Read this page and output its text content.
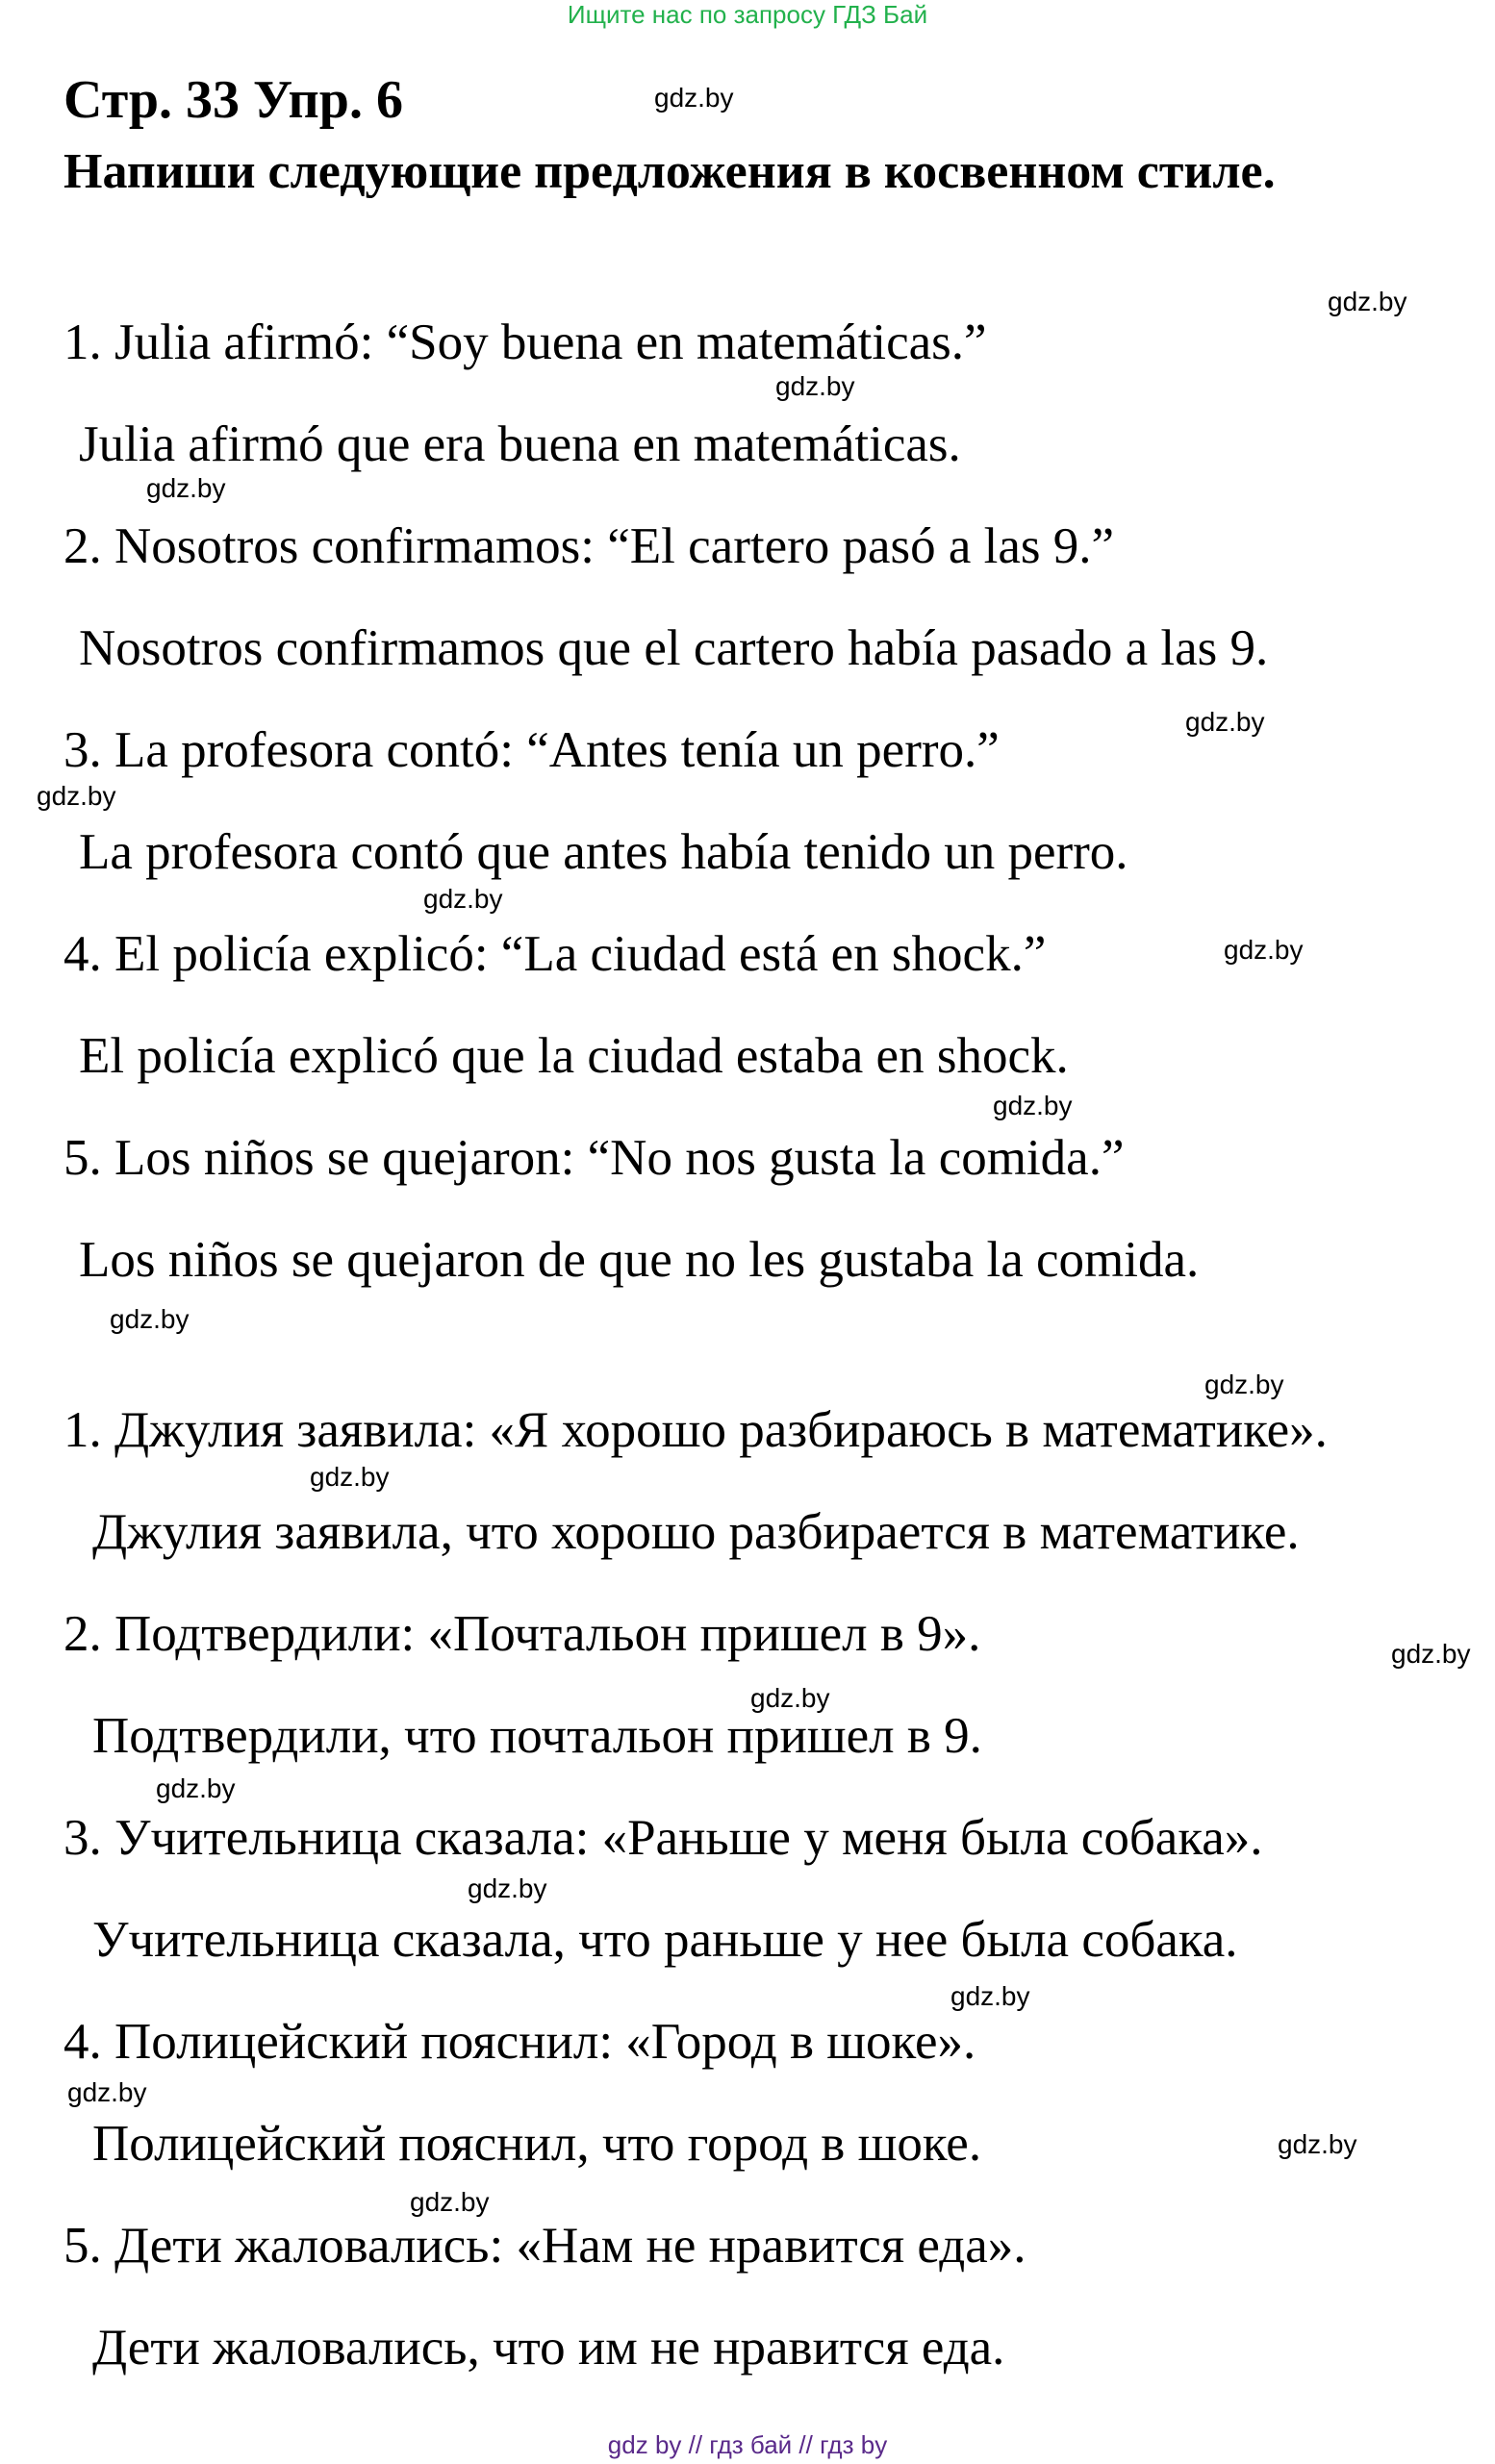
Ищите нас по запросу ГДЗ Бай
Стр. 33 Упр. 6
Напиши следующие предложения в косвенном стиле.
1. Julia afirmó: “Soy buena en matemáticas.”
Julia afirmó que era buena en matemáticas.
2. Nosotros confirmamos: “El cartero pasó a las 9.”
Nosotros confirmamos que el cartero había pasado a las 9.
3. La profesora contó: “Antes tenía un perro.”
La profesora contó que antes había tenido un perro.
4. El policía explicó: “La ciudad está en shock.”
El policía explicó que la ciudad estaba en shock.
5. Los niños se quejaron: “No nos gusta la comida.”
Los niños se quejaron de que no les gustaba la comida.
1. Джулия заявила: «Я хорошо разбираюсь в математике».
Джулия заявила, что хорошо разбирается в математике.
2. Подтвердили: «Почтальон пришел в 9».
Подтвердили, что почтальон пришел в 9.
3. Учительница сказала: «Раньше у меня была собака».
Учительница сказала, что раньше у нее была собака.
4. Полицейский пояснил: «Город в шоке».
Полицейский пояснил, что город в шоке.
5. Дети жаловались: «Нам не нравится еда».
Дети жаловались, что им не нравится еда.
gdz.by
gdz.by
gdz.by
gdz.by
gdz.by
gdz.by
gdz.by
gdz.by
gdz.by
gdz.by
gdz.by
gdz.by
gdz.by
gdz.by
gdz.by
gdz.by
gdz.by
gdz.by
gdz.by
gdz.by
gdz by // гдз бай // гдз by
